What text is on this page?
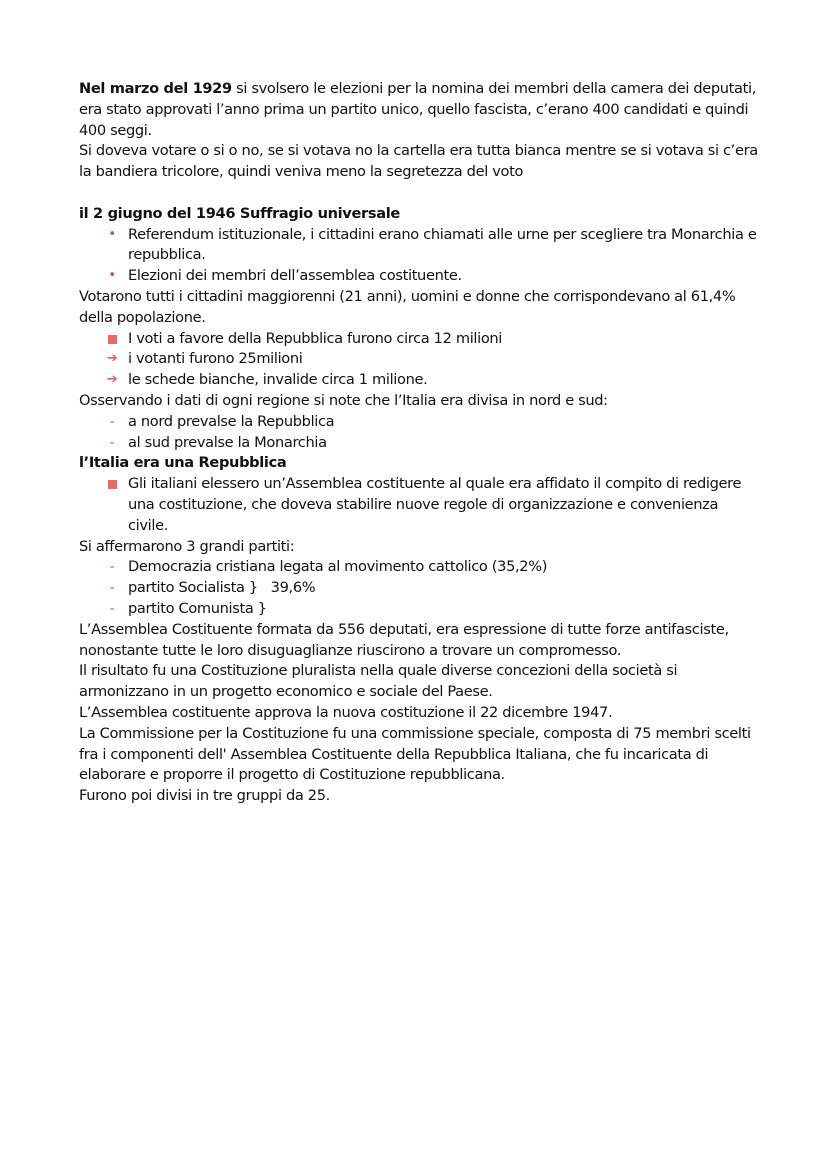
Nel marzo del 1929 si svolsero le elezioni per la nomina dei membri della camera dei deputati, era stato approvati l’anno prima un partito unico, quello fascista, c’erano 400 candidati e quindi 400 seggi.

Si doveva votare o si o no, se si votava no la cartella era tutta bianca mentre se si votava si c’era la bandiera tricolore, quindi veniva meno la segretezza del voto

il 2 giugno del 1946 Suffragio universale

• Referendum istituzionale, i cittadini erano chiamati alle urne per scegliere tra Monarchia e repubblica.
• Elezioni dei membri dell’assemblea costituente.

Votarono tutti i cittadini maggiorenni (21 anni), uomini e donne che corrispondevano al 61,4% della popolazione.

I voti a favore della Repubblica furono circa 12 milioni
➔ i votanti furono 25milioni
➔ le schede bianche, invalide circa 1 milione.

Osservando i dati di ogni regione si note che l’Italia era divisa in nord e sud:

- a nord prevalse la Repubblica
- al sud prevalse la Monarchia

l’Italia era una Repubblica

Gli italiani elessero un’Assemblea costituente al quale era affidato il compito di redigere una costituzione, che doveva stabilire nuove regole di organizzazione e convenienza civile.

Si affermarono 3 grandi partiti:

- Democrazia cristiana legata al movimento cattolico (35,2%)
- partito Socialista }   39,6%
- partito Comunista }

L’Assemblea Costituente formata da 556 deputati, era espressione di tutte forze antifasciste, nonostante tutte le loro disuguaglianze riuscirono a trovare un compromesso.

Il risultato fu una Costituzione pluralista nella quale diverse concezioni della società si armonizzano in un progetto economico e sociale del Paese.

L’Assemblea costituente approva la nuova costituzione il 22 dicembre 1947.

La Commissione per la Costituzione fu una commissione speciale, composta di 75 membri scelti fra i componenti dell' Assemblea Costituente della Repubblica Italiana, che fu incaricata di elaborare e proporre il progetto di Costituzione repubblicana.

Furono poi divisi in tre gruppi da 25.
